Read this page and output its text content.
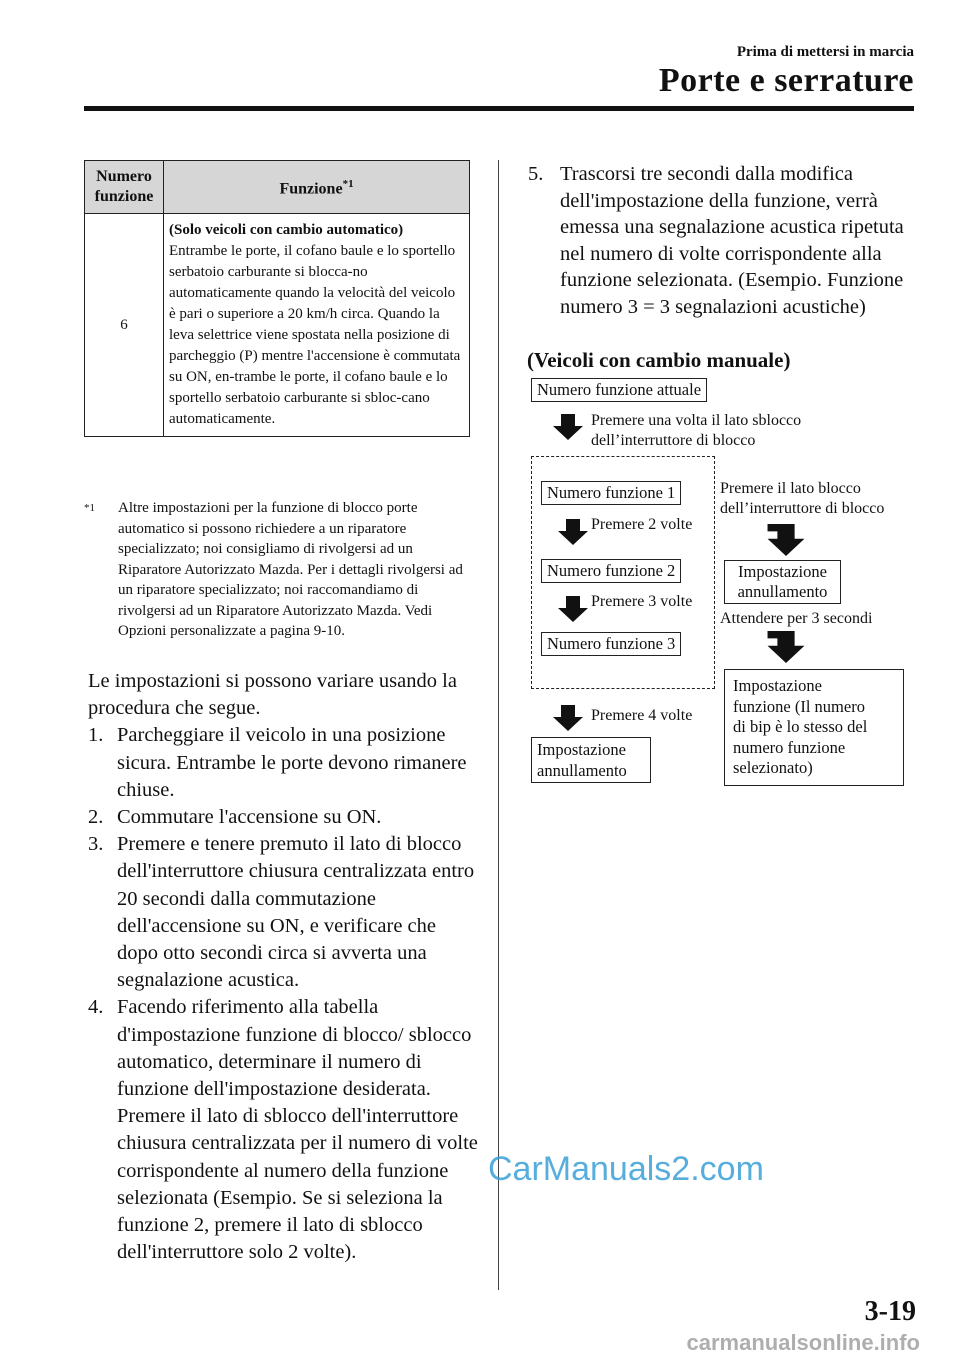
Prima di mettersi in marcia
Porte e serrature
Numero funzione	Funzione$^{*1}$
6	(Solo veicoli con cambio automatico)
Entrambe le porte, il cofano baule e lo sportello serbatoio carburante si blocca-no automaticamente quando la velocità del veicolo è pari o superiore a 20 km/h circa. Quando la leva selettrice viene spostata nella posizione di parcheggio (P) mentre l'accensione è commutata su ON, en-trambe le porte, il cofano baule e lo sportello serbatoio carburante si sbloc-cano automaticamente.
*1 Altre impostazioni per la funzione di blocco porte automatico si possono richiedere a un riparatore specializzato; noi consigliamo di rivolgersi ad un Riparatore Autorizzato Mazda. Per i dettagli rivolgersi ad un riparatore specializzato; noi raccomandiamo di rivolgersi ad un Riparatore Autorizzato Mazda. Vedi Opzioni personalizzate a pagina 9-10.

Le impostazioni si possono variare usando la procedura che segue.

1. Parcheggiare il veicolo in una posizione sicura. Entrambe le porte devono rimanere chiuse.
2. Commutare l'accensione su ON.
3. Premere e tenere premuto il lato di blocco dell'interruttore chiusura centralizzata entro 20 secondi dalla commutazione dell'accensione su ON, e verificare che dopo otto secondi circa si avverta una segnalazione acustica.
4. Facendo riferimento alla tabella d'impostazione funzione di blocco/ sblocco automatico, determinare il numero di funzione dell'impostazione desiderata. Premere il lato di sblocco dell'interruttore chiusura centralizzata per il numero di volte corrispondente al numero della funzione selezionata (Esempio. Se si seleziona la funzione 2, premere il lato di sblocco dell'interruttore solo 2 volte).
5. Trascorsi tre secondi dalla modifica dell'impostazione della funzione, verrà emessa una segnalazione acustica ripetuta nel numero di volte corrispondente alla funzione selezionata. (Esempio. Funzione numero 3 = 3 segnalazioni acustiche)
(Veicoli con cambio manuale)
Numero funzione attuale
Premere una volta il lato sblocco
dell’interruttore di blocco
Numero funzione 1
Premere 2 volte
Numero funzione 2
Premere 3 volte
Numero funzione 3
Premere 4 volte
Impostazione
annullamento
Premere il lato blocco
dell’interruttore di blocco
Impostazione
annullamento
Attendere per 3 secondi
Impostazione
funzione (Il numero
di bip è lo stesso del
numero funzione
selezionato)
CarManuals2.com
3-19
carmanualsonline.info
